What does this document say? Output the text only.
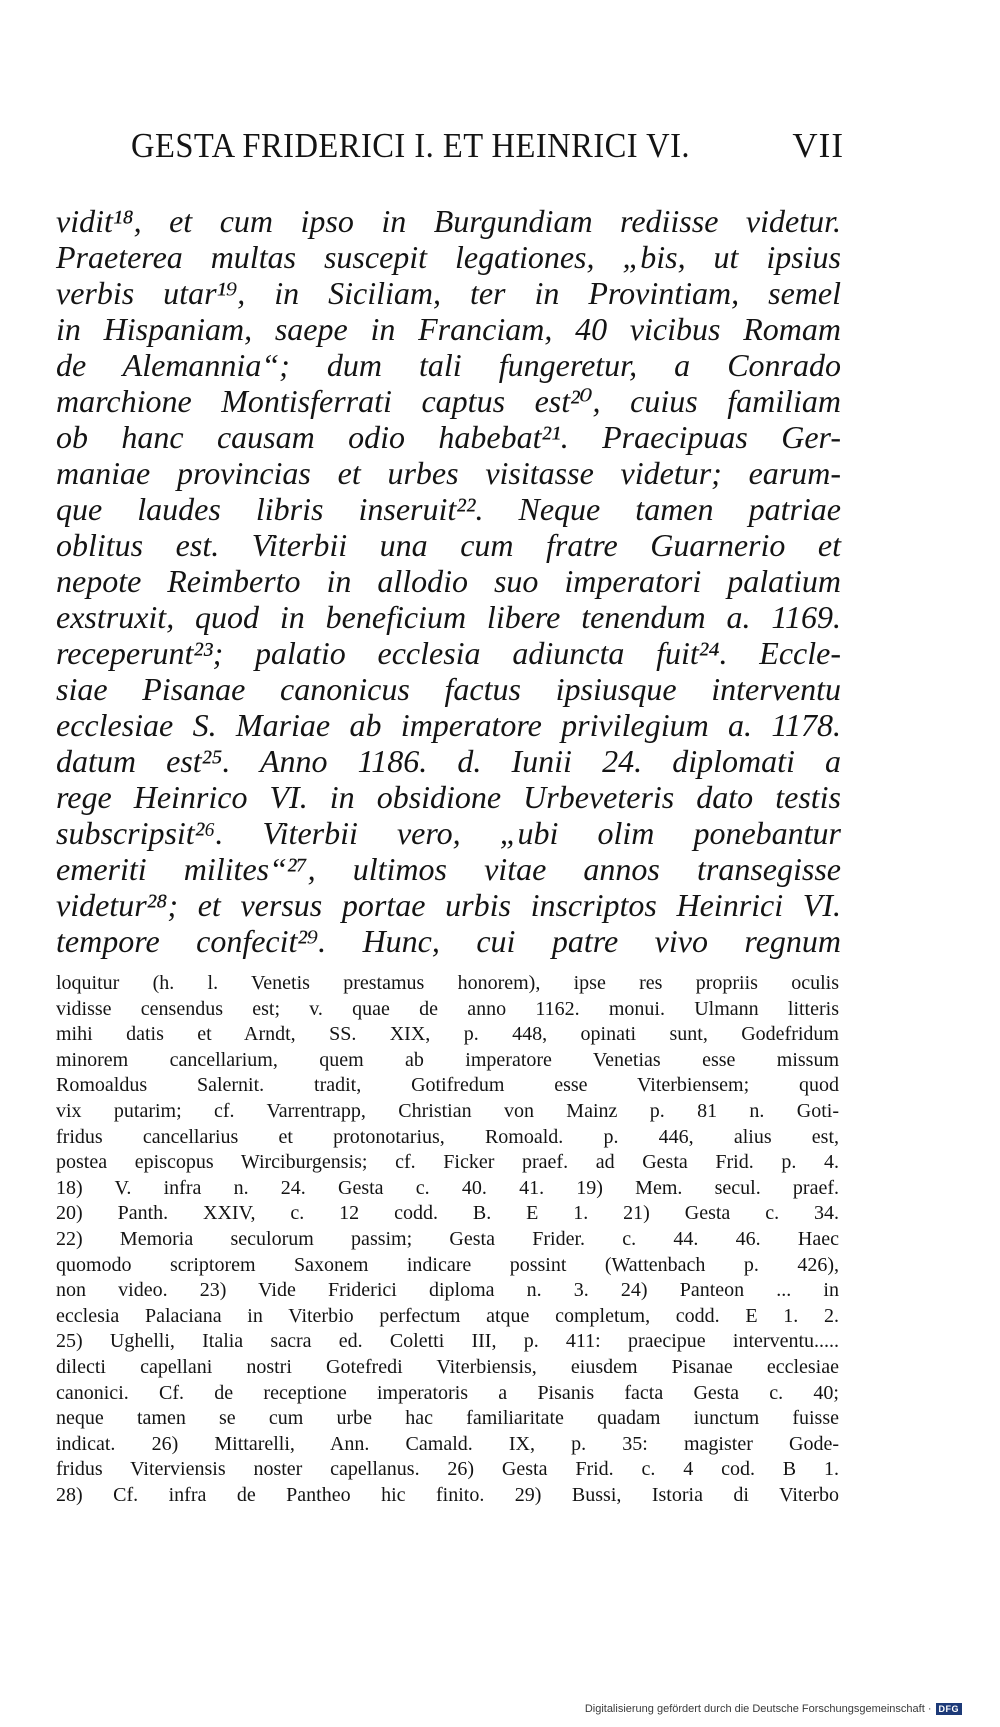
GESTA FRIDERICI I. ET HEINRICI VI.	VII
vidit¹⁸, et cum ipso in Burgundiam rediisse videtur.
Praeterea multas suscepit legationes, „bis, ut ipsius
verbis utar¹⁹, in Siciliam, ter in Provintiam, semel
in Hispaniam, saepe in Franciam, 40 vicibus Romam
de Alemannia“; dum tali fungeretur, a Conrado
marchione Montisferrati captus est²⁰, cuius familiam
ob hanc causam odio habebat²¹. Praecipuas Ger-
maniae provincias et urbes visitasse videtur; earum-
que laudes libris inseruit²². Neque tamen patriae
oblitus est. Viterbii una cum fratre Guarnerio et
nepote Reimberto in allodio suo imperatori palatium
exstruxit, quod in beneficium libere tenendum a. 1169.
receperunt²³; palatio ecclesia adiuncta fuit²⁴. Eccle-
siae Pisanae canonicus factus ipsiusque interventu
ecclesiae S. Mariae ab imperatore privilegium a. 1178.
datum est²⁵. Anno 1186. d. Iunii 24. diplomati a
rege Heinrico VI. in obsidione Urbeveteris dato testis
subscripsit²⁶. Viterbii vero, „ubi olim ponebantur
emeriti milites“²⁷, ultimos vitae annos transegisse
videtur²⁸; et versus portae urbis inscriptos Heinrici VI.
tempore confecit²⁹. Hunc, cui patre vivo regnum
loquitur (h. l. Venetis prestamus honorem), ipse res propriis oculis
vidisse censendus est; v. quae de anno 1162. monui. Ulmann litteris
mihi datis et Arndt, SS. XIX, p. 448, opinati sunt, Godefridum
minorem cancellarium, quem ab imperatore Venetias esse missum
Romoaldus Salernit. tradit, Gotifredum esse Viterbiensem; quod
vix putarim; cf. Varrentrapp, Christian von Mainz p. 81 n. Goti-
fridus cancellarius et protonotarius, Romoald. p. 446, alius est,
postea episcopus Wirciburgensis; cf. Ficker praef. ad Gesta Frid. p. 4.
18) V. infra n. 24. Gesta c. 40. 41. 19) Mem. secul. praef.
20) Panth. XXIV, c. 12 codd. B. E 1. 21) Gesta c. 34.
22) Memoria seculorum passim; Gesta Frider. c. 44. 46. Haec
quomodo scriptorem Saxonem indicare possint (Wattenbach p. 426),
non video. 23) Vide Friderici diploma n. 3. 24) Panteon ... in
ecclesia Palaciana in Viterbio perfectum atque completum, codd. E 1. 2.
25) Ughelli, Italia sacra ed. Coletti III, p. 411: praecipue interventu.....
dilecti capellani nostri Gotefredi Viterbiensis, eiusdem Pisanae ecclesiae
canonici. Cf. de receptione imperatoris a Pisanis facta Gesta c. 40;
neque tamen se cum urbe hac familiaritate quadam iunctum fuisse
indicat. 26) Mittarelli, Ann. Camald. IX, p. 35: magister Gode-
fridus Viterviensis noster capellanus. 26) Gesta Frid. c. 4 cod. B 1.
28) Cf. infra de Pantheo hic finito. 29) Bussi, Istoria di Viterbo
Digitalisierung gefördert durch die Deutsche Forschungsgemeinschaft · DFG
